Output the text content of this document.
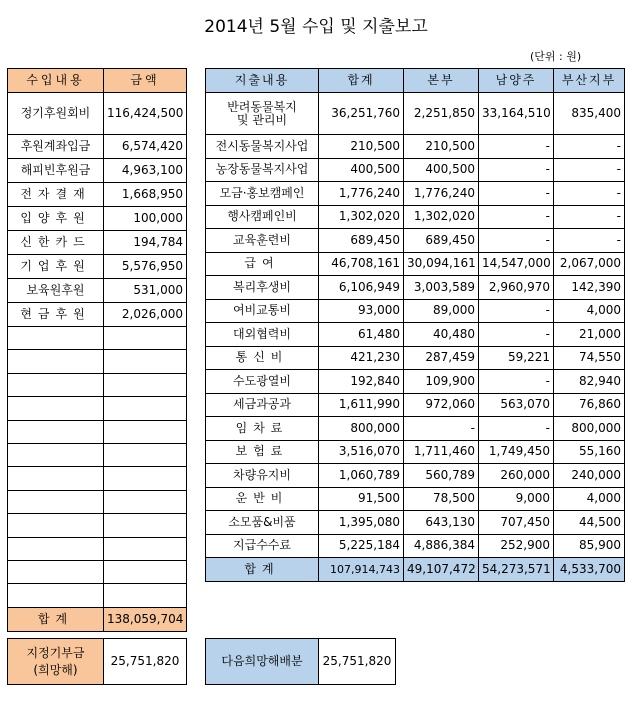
2014년 5월 수입 및 지출보고
(단위 : 원)
수입내용	금액
정기후원회비	116,424,500
후원계좌입금	6,574,420
해피빈후원금	4,963,100
전자결재	1,668,950
입양후원	100,000
신한카드	194,784
기업후원	5,576,950
보육원후원	531,000
현금후원	2,026,000

합계	138,059,704
지출내용	합계	본부	남양주	부산지부
반려동물복지
및 관리비	36,251,760	2,251,850	33,164,510	835,400
전시동물복지사업	210,500	210,500	-	-
농장동물복지사업	400,500	400,500	-	-
모금·홍보캠페인	1,776,240	1,776,240	-	-
행사캠페인비	1,302,020	1,302,020	-	-
교육훈련비	689,450	689,450	-	-
급여	46,708,161	30,094,161	14,547,000	2,067,000
복리후생비	6,106,949	3,003,589	2,960,970	142,390
여비교통비	93,000	89,000	-	4,000
대외협력비	61,480	40,480	-	21,000
통신비	421,230	287,459	59,221	74,550
수도광열비	192,840	109,900	-	82,940
세금과공과	1,611,990	972,060	563,070	76,860
임차료	800,000	-	-	800,000
보험료	3,516,070	1,711,460	1,749,450	55,160
차량유지비	1,060,789	560,789	260,000	240,000
운반비	91,500	78,500	9,000	4,000
소모품&비품	1,395,080	643,130	707,450	44,500
지급수수료	5,225,184	4,886,384	252,900	85,900
합계	107,914,743	49,107,472	54,273,571	4,533,700
지정기부금
(희망해)	25,751,820	다음희망해배분	25,751,820
